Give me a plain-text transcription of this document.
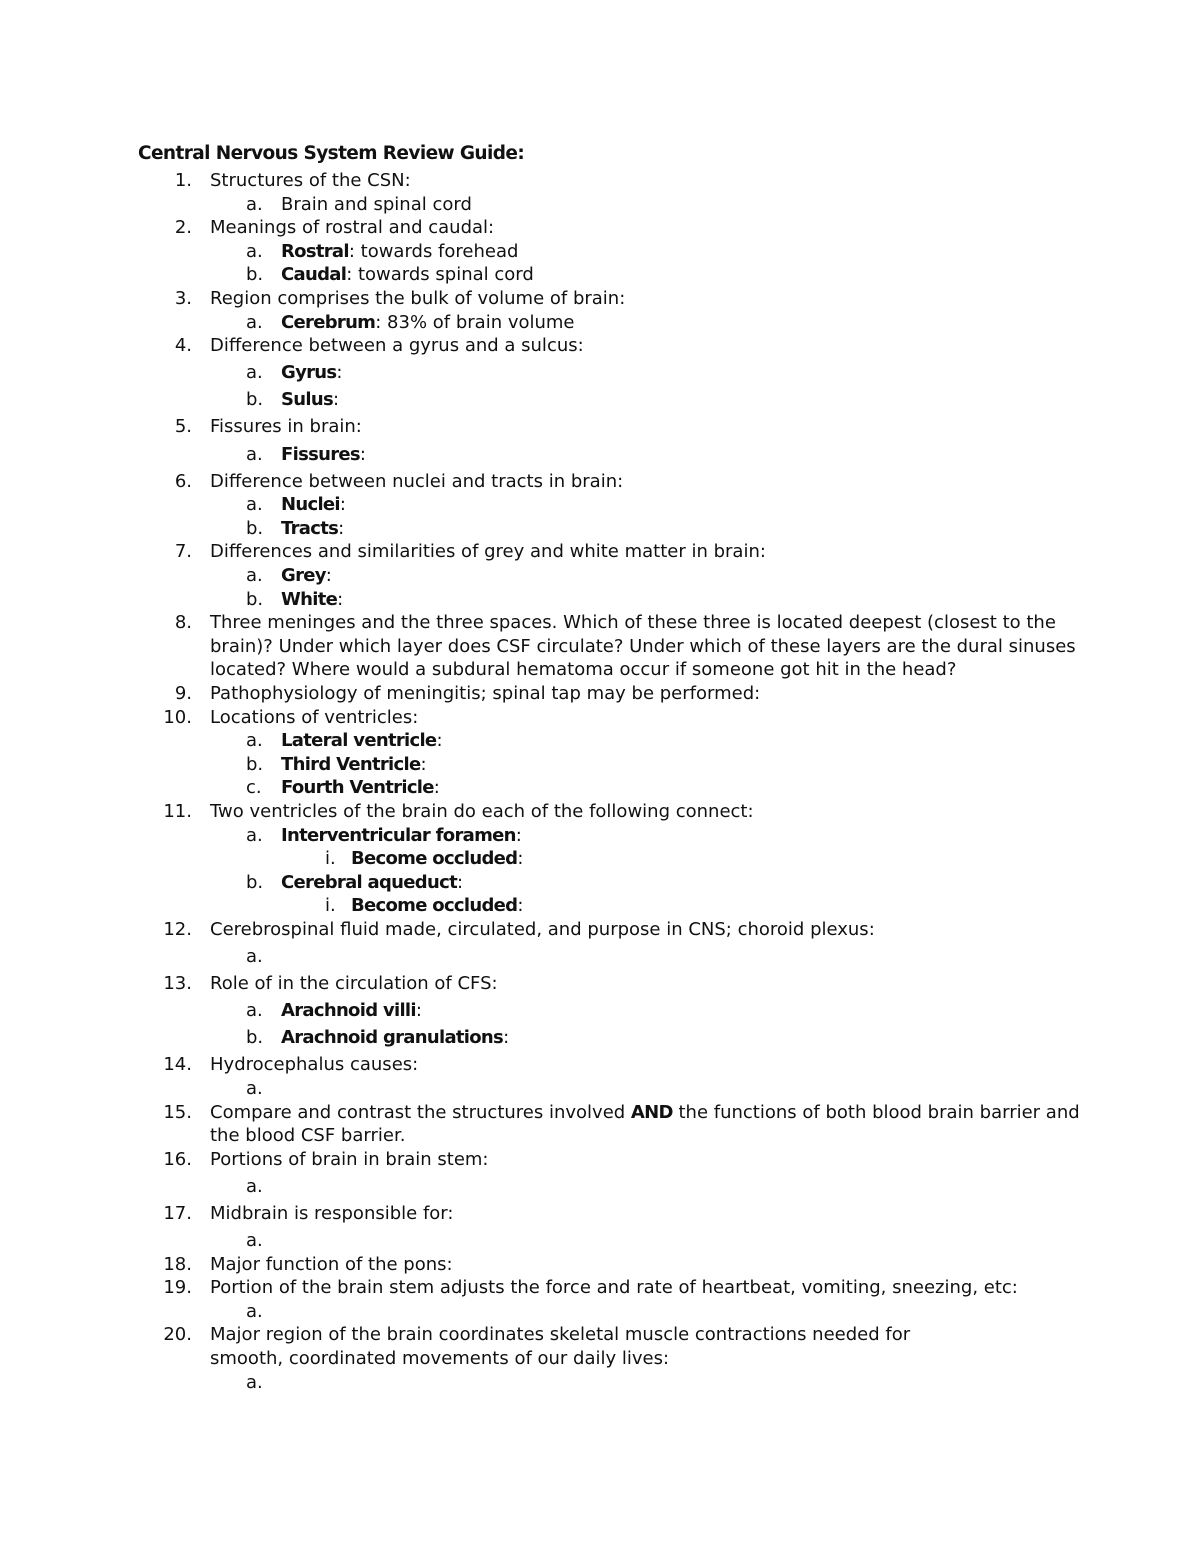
Central Nervous System Review Guide:
1. Structures of the CSN:
a. Brain and spinal cord
2. Meanings of rostral and caudal:
a. Rostral: towards forehead
b. Caudal: towards spinal cord
3. Region comprises the bulk of volume of brain:
a. Cerebrum: 83% of brain volume
4. Difference between a gyrus and a sulcus:
a. Gyrus:
b. Sulus:
5. Fissures in brain:
a. Fissures:
6. Difference between nuclei and tracts in brain:
a. Nuclei:
b. Tracts:
7. Differences and similarities of grey and white matter in brain:
a. Grey:
b. White:
8. Three meninges and the three spaces. Which of these three is located deepest (closest to the
brain)? Under which layer does CSF circulate? Under which of these layers are the dural sinuses
located? Where would a subdural hematoma occur if someone got hit in the head?
9. Pathophysiology of meningitis; spinal tap may be performed:
10. Locations of ventricles:
a. Lateral ventricle:
b. Third Ventricle:
c. Fourth Ventricle:
11. Two ventricles of the brain do each of the following connect:
a. Interventricular foramen:
i. Become occluded:
b. Cerebral aqueduct:
i. Become occluded:
12. Cerebrospinal fluid made, circulated, and purpose in CNS; choroid plexus:
a.

13. Role of in the circulation of CFS:
a. Arachnoid villi:
b. Arachnoid granulations:
14. Hydrocephalus causes:
a.

15. Compare and contrast the structures involved AND the functions of both blood brain barrier and
the blood CSF barrier.
16. Portions of brain in brain stem:
a.

17. Midbrain is responsible for:
a.

18. Major function of the pons:
19. Portion of the brain stem adjusts the force and rate of heartbeat, vomiting, sneezing, etc:
a.

20. Major region of the brain coordinates skeletal muscle contractions needed for
smooth, coordinated movements of our daily lives:
a.
